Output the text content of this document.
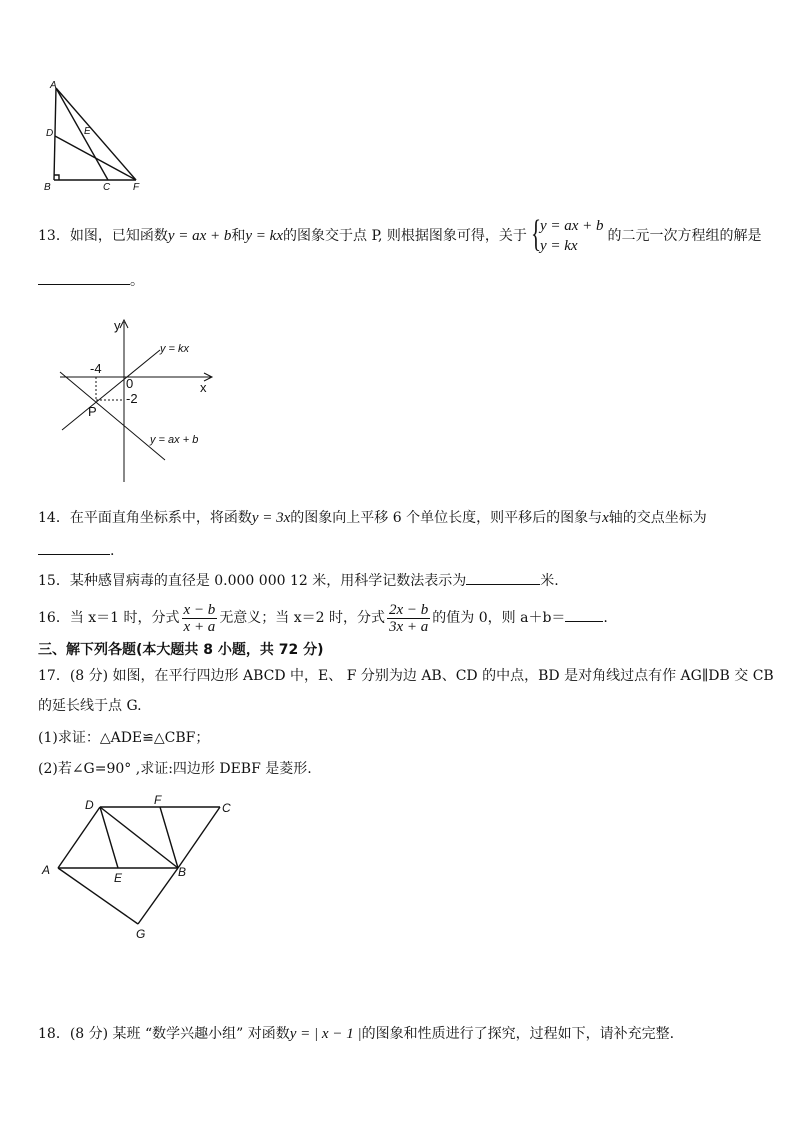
A
D	E
B	C F
13．如图，已知函数y = ax + b和y = kx的图象交于点 P, 则根据图象可得，关于 {
y = ax + b
y = kx
的二元一次方程组的解是
。
y
x
0
-4
-2
P
y = kx
y = ax + b
14．在平面直角坐标系中，将函数y = 3x的图象向上平移 6 个单位长度，则平移后的图象与x轴的交点坐标为
.
15．某种感冒病毒的直径是 0.000 000 12 米，用科学记数法表示为	米.
16．当 x＝1 时，分式 $\frac{x - b}{x + a}$ 无意义；当 x＝2 时，分式 $\frac{2x - b}{3x + a}$ 的值为 0，则 a＋b＝	.
三、解下列各题(本大题共 8 小题，共 72 分)
17．(8 分) 如图，在平行四边形 ABCD 中，E、 F 分别为边 AB、CD 的中点，BD 是对角线过点有作 AG∥DB 交 CB
的延长线于点 G.
(1)求证：△ADE≌△CBF；
(2)若∠G=90° ,求证:四边形 DEBF 是菱形.
D	F
C
A
E	B
G
18．(8 分) 某班 “数学兴趣小组” 对函数y = | x − 1 |的图象和性质进行了探究，过程如下，请补充完整.
